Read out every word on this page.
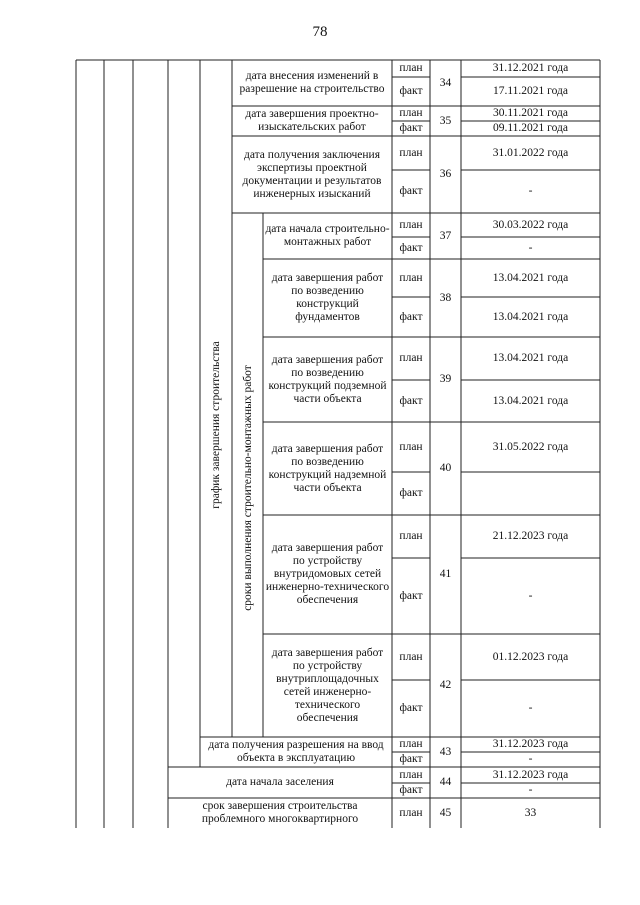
78
дата внесения изменений в разрешение на строительство
34
план
факт
31.12.2021 года
17.11.2021 года
дата завершения проектно-изыскательских работ
35
план
факт
30.11.2021 года
09.11.2021 года
дата получения заключения экспертизы проектной документации и результатов инженерных изысканий
36
план
факт
31.01.2022 года
-
дата начала строительно-монтажных работ
37
план
факт
30.03.2022 года
-
дата завершения работ по возведению конструкций фундаментов
38
план
факт
13.04.2021 года
13.04.2021 года
дата завершения работ по возведению конструкций подземной части объекта
39
план
факт
13.04.2021 года
13.04.2021 года
дата завершения работ по возведению конструкций надземной части объекта
40
план
факт
31.05.2022 года
дата завершения работ по устройству внутридомовых сетей инженерно-технического обеспечения
41
план
факт
21.12.2023 года
-
дата завершения работ по устройству внутриплощадочных сетей инженерно-технического обеспечения
42
план
факт
01.12.2023 года
-
дата получения разрешения на ввод объекта в эксплуатацию
43
план
факт
31.12.2023 года
-
дата начала заселения	44
план
факт
31.12.2023 года
-
срок завершения строительства проблемного многоквартирного
45
план	33
график завершения строительства сроки выполнения строительно-монтажных работ
